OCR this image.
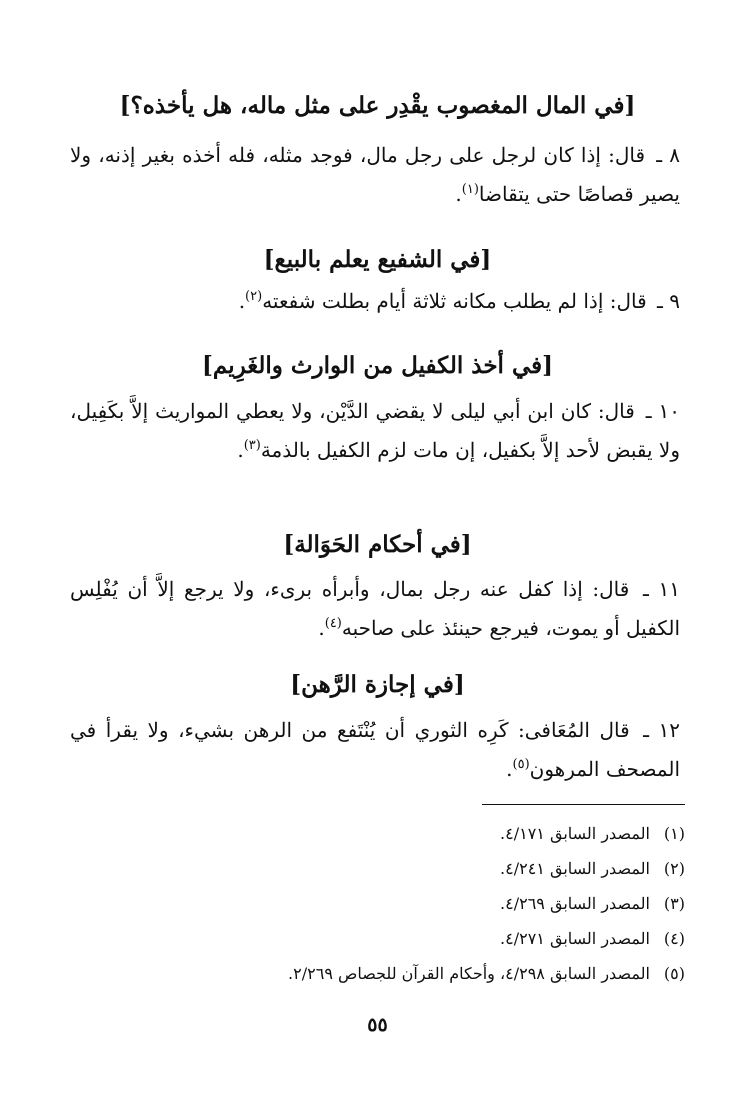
[في المال المغصوب يقْدِر على مثل ماله، هل يأخذه؟]

٨ ـ قال: إذا كان لرجل على رجل مال، فوجد مثله، فله أخذه بغير إذنه، ولا يصير قصاصًا حتى يتقاضا$^{(١)}$.

[في الشفيع يعلم بالبيع]

٩ ـ قال: إذا لم يطلب مكانه ثلاثة أيام بطلت شفعته$^{(٢)}$.

[في أخذ الكفيل من الوارث والغَرِيم]

١٠ ـ قال: كان ابن أبي ليلى لا يقضي الدَّيْن، ولا يعطي المواريث إلاَّ بكَفِيل، ولا يقبض لأحد إلاَّ بكفيل، إن مات لزم الكفيل بالذمة$^{(٣)}$.

[في أحكام الحَوَالة]

١١ ـ قال: إذا كفل عنه رجل بمال، وأبرأه برىء، ولا يرجع إلاَّ أن يُفْلِس الكفيل أو يموت، فيرجع حينئذ على صاحبه$^{(٤)}$.

[في إجازة الرَّهن]

١٢ ـ قال المُعَافى: كَرِه الثوري أن يُنْتَفع من الرهن بشيء، ولا يقرأ في المصحف المرهون$^{(٥)}$.

(١)المصدر السابق ٤/١٧١.
(٢)المصدر السابق ٤/٢٤١.
(٣)المصدر السابق ٤/٢٦٩.
(٤)المصدر السابق ٤/٢٧١.
(٥)المصدر السابق ٤/٢٩٨، وأحكام القرآن للجصاص ٢/٢٦٩.
٥٥
